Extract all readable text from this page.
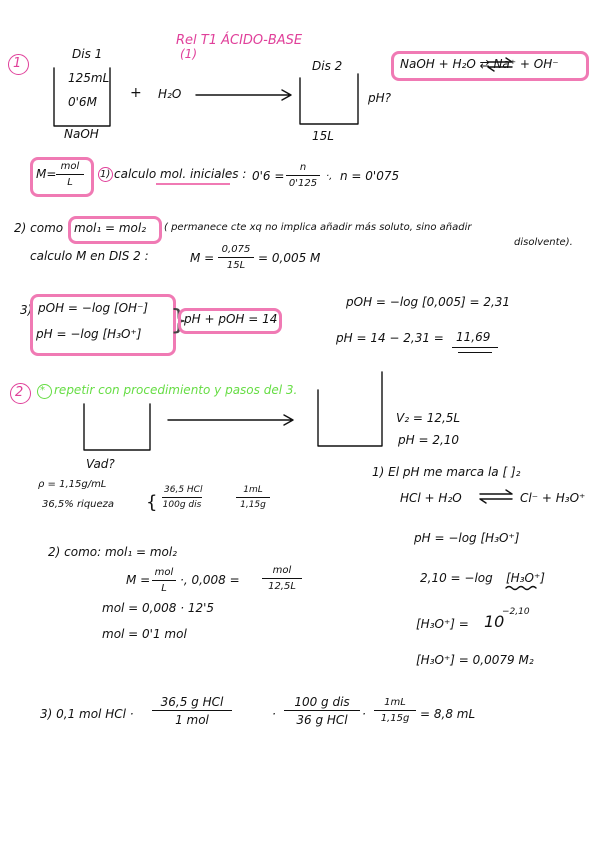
Rel T1 ÁCIDO-BASE
(1)
1
Dis 1
125mL
0'6M
NaOH
+ H₂O
Dis 2
pH?
15L
NaOH + H₂O ⇄ Na⁺ + OH⁻
M=
mol
L
1) calculo mol. iniciales : $0'6 = \frac{n}{0'125}$ ·, n = 0'075
2) como mol₁ = mol₂ ( permanece cte xq no implica añadir más soluto, sino añadir
disolvente).
calculo M en DIS 2 :	$M = \frac{0,075}{15L} = 0,005$ M
3) pOH = −log [OH⁻]
pH = −log [H₃O⁺] }
pH + pOH = 14
pOH = −log [0,005] = 2,31
pH = 14 − 2,31 = 11,69
2 * repetir con procedimiento y pasos del 3.
Vad?
V₂ = 12,5L
pH = 2,10
ρ = 1,15g/mL
36,5% riqueza {
36,5 HCl
100g dis	$\frac{1mL}{1,15g}$
1) El pH me marca la [ ]₂
HCl + H₂O	Cl⁻ + H₃O⁺
2) como: mol₁ = mol₂
M =
mol
L
·, 0,008 =
mol
12,5L
mol = 0,008 · 12'5
mol = 0'1 mol
pH = −log [H₃O⁺]
2,10 = −log [H₃O⁺]
[H₃O⁺] = 10
−2,10
[H₃O⁺] = 0,0079 M₂
3) 0,1 mol HCl ·
36,5 g HCl
1 mol	·
100 g dis
36 g HCl	· $\frac{1mL}{1,15g} = 8,8$ mL
